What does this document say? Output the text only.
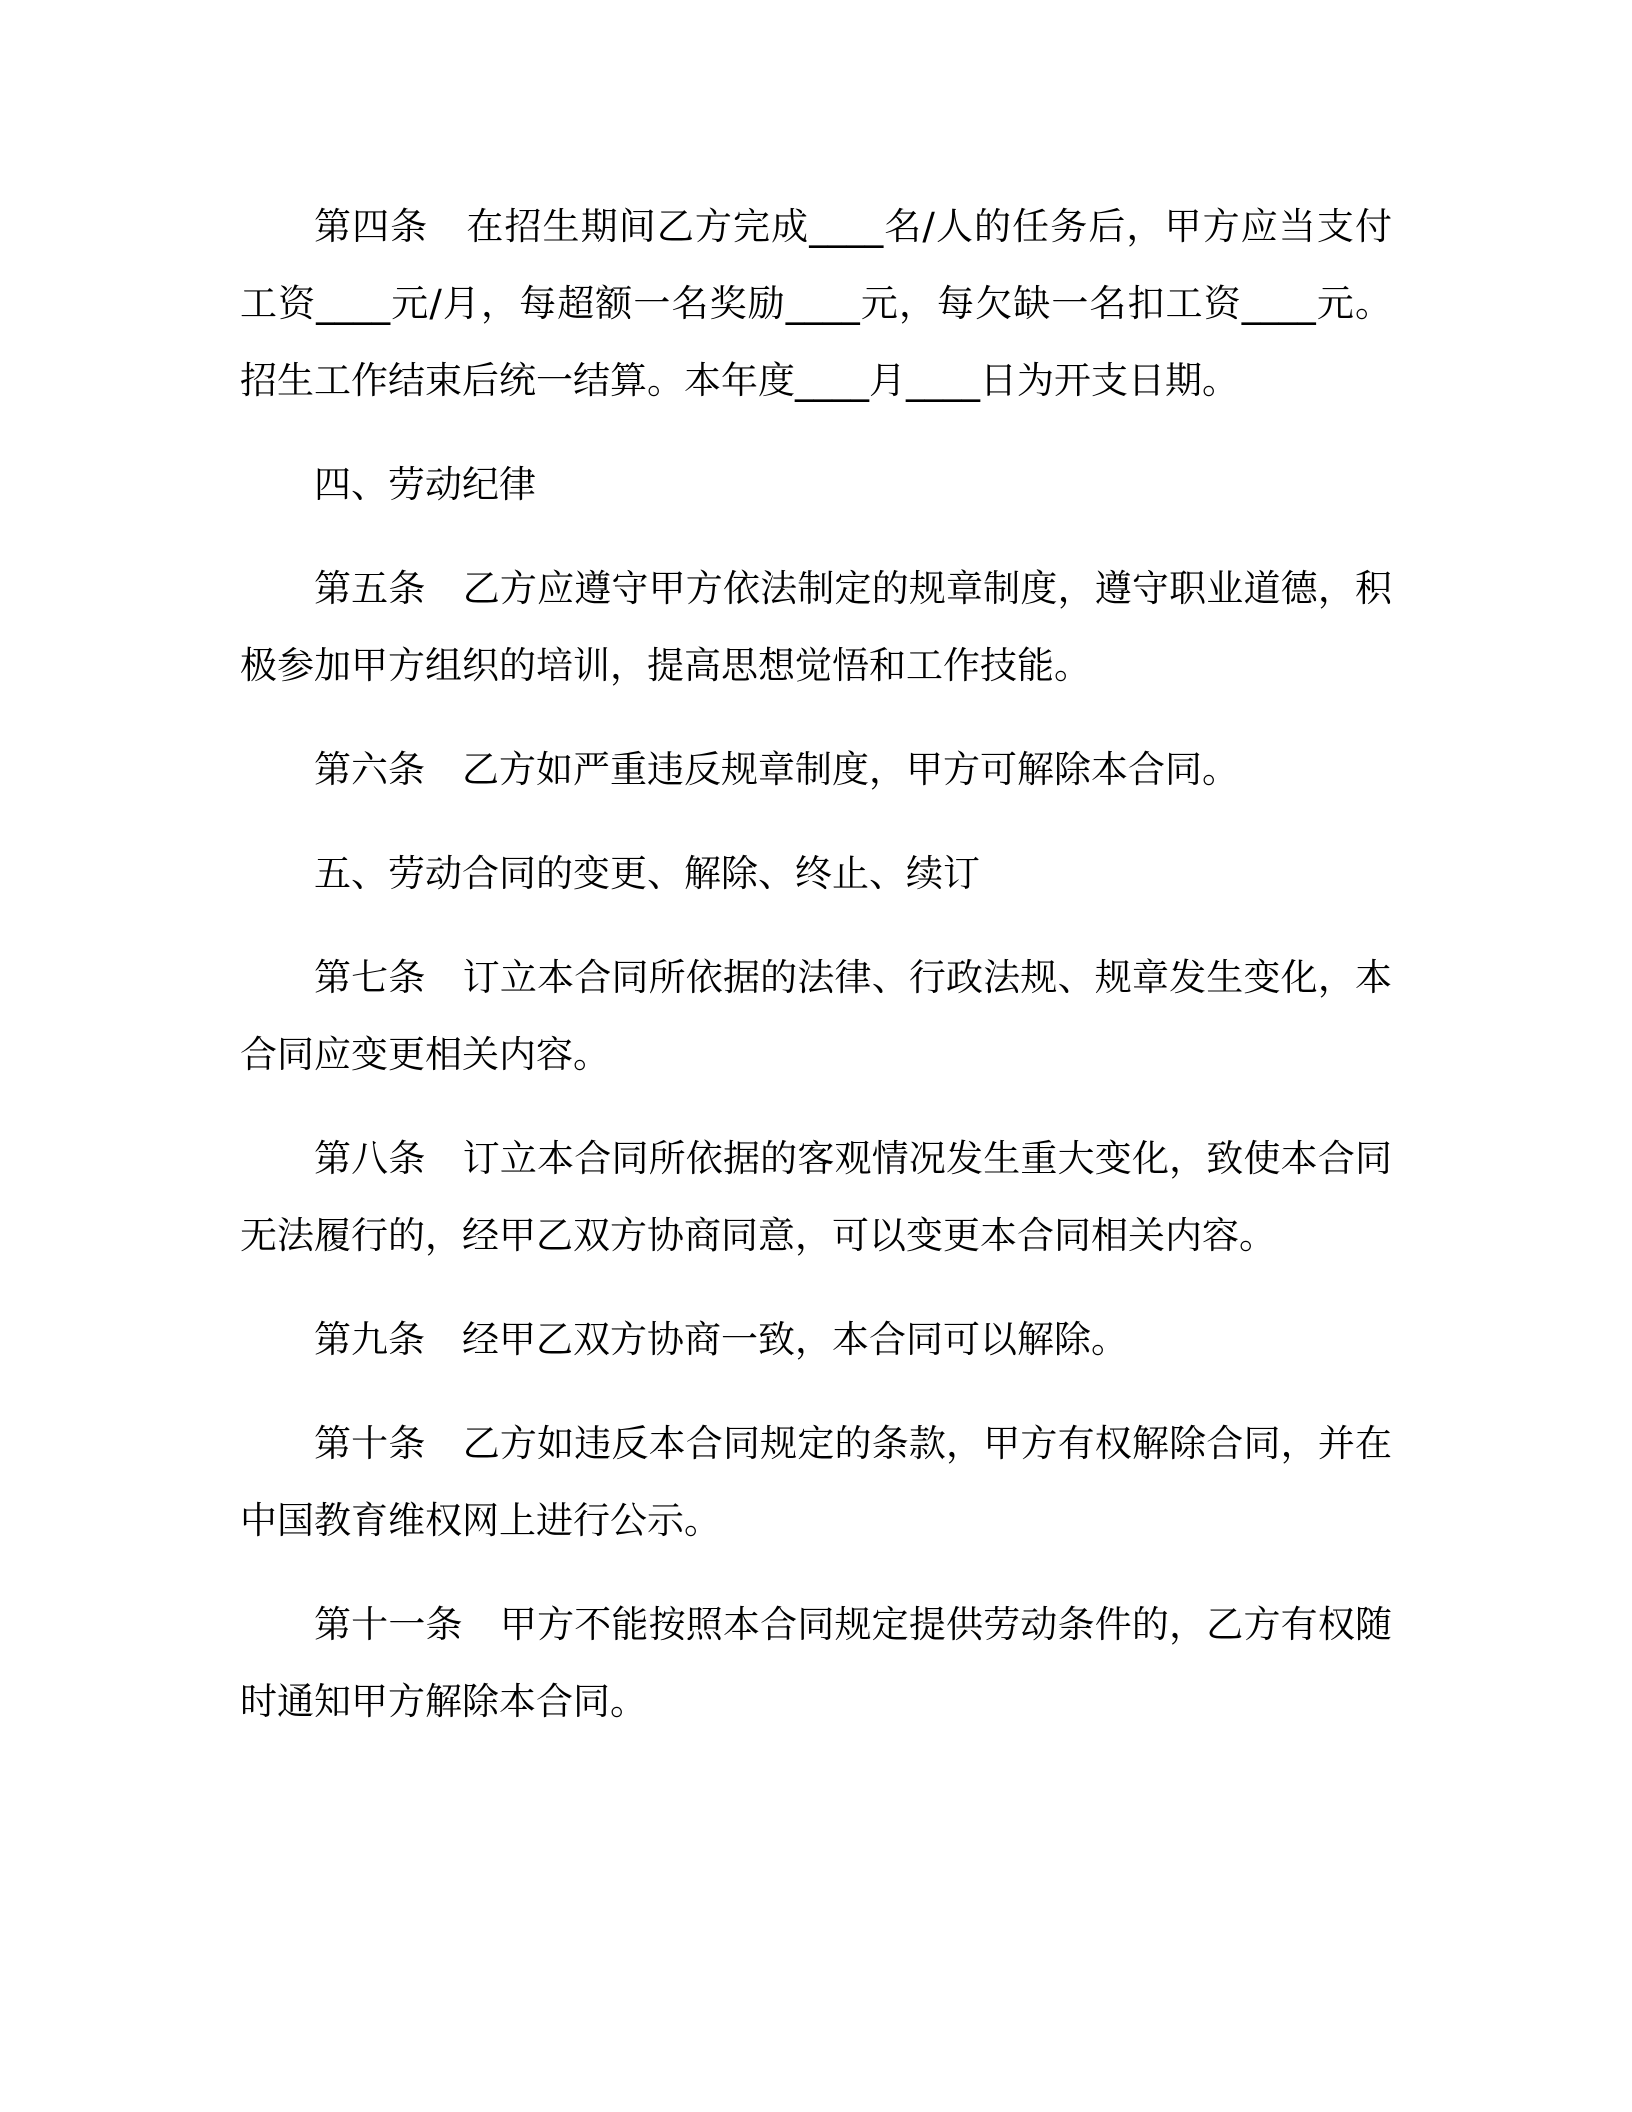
第四条 在招生期间乙方完成____名/人的任务后，甲方应当支付工资____元/月，每超额一名奖励____元，每欠缺一名扣工资____元。招生工作结束后统一结算。本年度____月____日为开支日期。

四、劳动纪律

第五条 乙方应遵守甲方依法制定的规章制度，遵守职业道德，积极参加甲方组织的培训，提高思想觉悟和工作技能。

第六条 乙方如严重违反规章制度，甲方可解除本合同。

五、劳动合同的变更、解除、终止、续订

第七条 订立本合同所依据的法律、行政法规、规章发生变化，本合同应变更相关内容。

第八条 订立本合同所依据的客观情况发生重大变化，致使本合同无法履行的，经甲乙双方协商同意，可以变更本合同相关内容。

第九条 经甲乙双方协商一致，本合同可以解除。

第十条 乙方如违反本合同规定的条款，甲方有权解除合同，并在中国教育维权网上进行公示。

第十一条 甲方不能按照本合同规定提供劳动条件的，乙方有权随时通知甲方解除本合同。
